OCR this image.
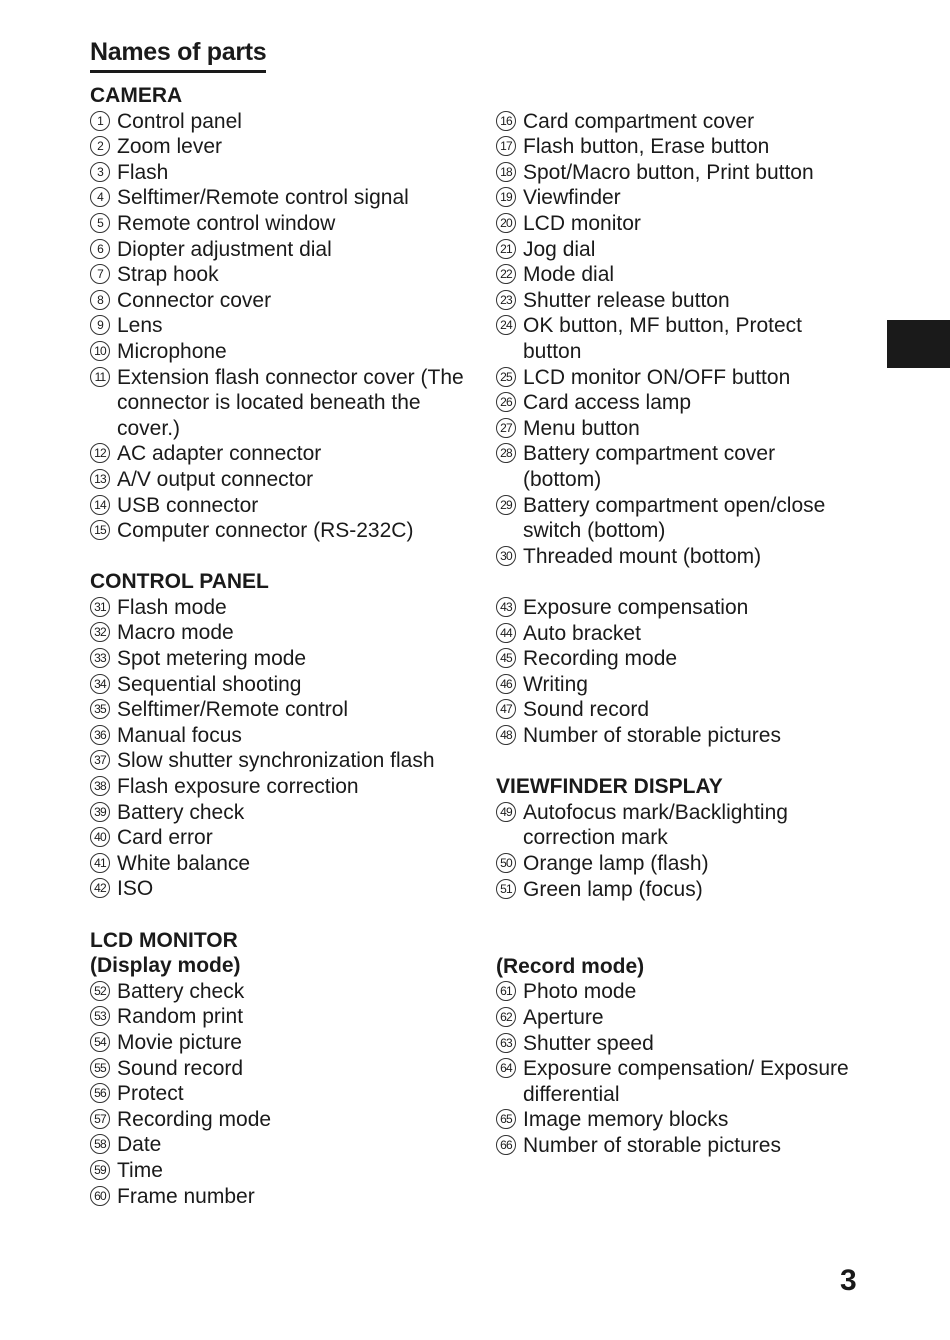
Names of parts
CAMERA
1 Control panel
2 Zoom lever
3 Flash
4 Selftimer/Remote control signal
5 Remote control window
6 Diopter adjustment dial
7 Strap hook
8 Connector cover
9 Lens
10 Microphone
11 Extension flash connector cover (The connector is located beneath the cover.)
12 AC adapter connector
13 A/V output connector
14 USB connector
15 Computer connector (RS-232C)
CONTROL PANEL
31 Flash mode
32 Macro mode
33 Spot metering mode
34 Sequential shooting
35 Selftimer/Remote control
36 Manual focus
37 Slow shutter synchronization flash
38 Flash exposure correction
39 Battery check
40 Card error
41 White balance
42 ISO
LCD MONITOR
(Display mode)
52 Battery check
53 Random print
54 Movie picture
55 Sound record
56 Protect
57 Recording mode
58 Date
59 Time
60 Frame number
16 Card compartment cover
17 Flash button, Erase button
18 Spot/Macro button, Print button
19 Viewfinder
20 LCD monitor
21 Jog dial
22 Mode dial
23 Shutter release button
24 OK button, MF button, Protect button
25 LCD monitor ON/OFF button
26 Card access lamp
27 Menu button
28 Battery compartment cover (bottom)
29 Battery compartment open/close switch (bottom)
30 Threaded mount (bottom)
43 Exposure compensation
44 Auto bracket
45 Recording mode
46 Writing
47 Sound record
48 Number of storable pictures
VIEWFINDER DISPLAY
49 Autofocus mark/Backlighting correction mark
50 Orange lamp (flash)
51 Green lamp (focus)
(Record mode)
61 Photo mode
62 Aperture
63 Shutter speed
64 Exposure compensation/ Exposure differential
65 Image memory blocks
66 Number of storable pictures
3
